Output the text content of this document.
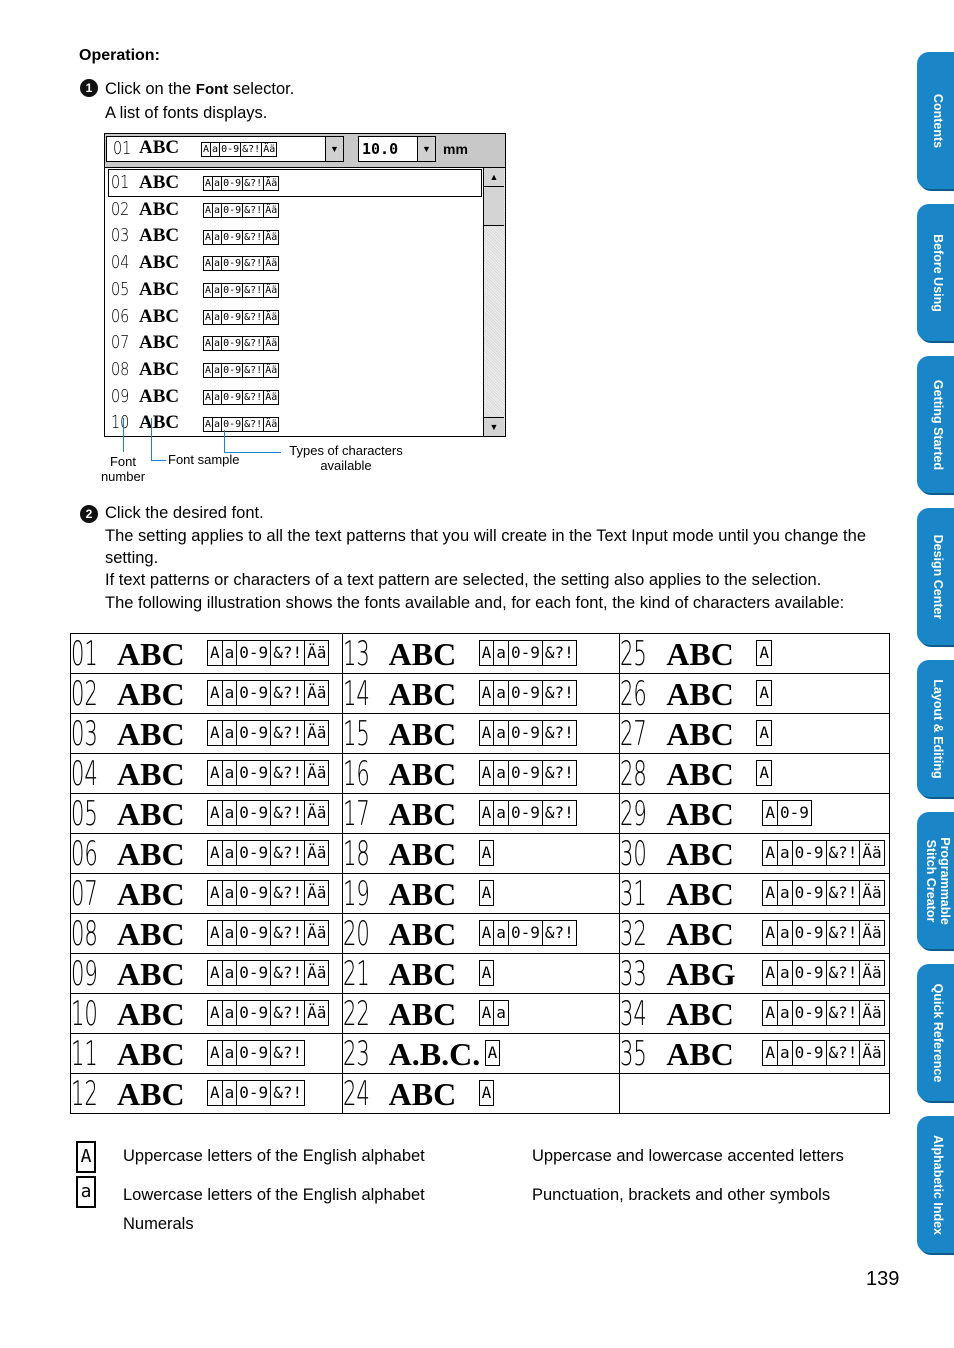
Operation:
1 Click on the Font selector.
A list of fonts displays.
01 ABC A a 0-9 &?! Ää	▼ 10.0	▼ mm
01 ABC	A a 0-9 &?! Ää
02 ABC	A a 0-9 &?! Ää
03 ABC	A a 0-9 &?! Ää
04 ABC	A a 0-9 &?! Ää
05 ABC	A a 0-9 &?! Ää
06 ABC	A a 0-9 &?! Ää
07 ABC	A a 0-9 &?! Ää
08 ABC	A a 0-9 &?! Ää
09 ABC	A a 0-9 &?! Ää
10 ABC	A a 0-9 &?! Ää
▲
▼
Font number
Font sample
Types of characters available
2 Click the desired font.
The setting applies to all the text patterns that you will create in the Text Input mode until you change the setting.
If text patterns or characters of a text pattern are selected, the setting also applies to the selection.
The following illustration shows the fonts available and, for each font, the kind of characters available:
01 ABC A a 0-9 &?! Ää	13 ABC A a 0-9 &?!	25 ABC A

02 ABC A a 0-9 &?! Ää	14 ABC A a 0-9 &?!	26 ABC A

03 ABC A a 0-9 &?! Ää	15 ABC A a 0-9 &?!	27 ABC A

04 ABC A a 0-9 &?! Ää	16 ABC A a 0-9 &?!	28 ABC A

05 ABC A a 0-9 &?! Ää	17 ABC A a 0-9 &?!	29 ABC A 0-9

06 ABC A a 0-9 &?! Ää	18 ABC A	30 ABC A a 0-9 &?! Ää

07 ABC A a 0-9 &?! Ää	19 ABC A	31 ABC A a 0-9 &?! Ää

08 ABC A a 0-9 &?! Ää	20 ABC A a 0-9 &?!	32 ABC A a 0-9 &?! Ää

09 ABC A a 0-9 &?! Ää	21 ABC A	33 ABG A a 0-9 &?! Ää

10 ABC A a 0-9 &?! Ää	22 ABC A a	34 ABC A a 0-9 &?! Ää

11 ABC A a 0-9 &?!	23 A.B.C. A	35 ABC A a 0-9 &?! Ää

12 ABC A a 0-9 &?!	24 ABC A	

A Uppercase letters of the English alphabet
a Lowercase letters of the English alphabet
Numerals
Uppercase and lowercase accented letters
Punctuation, brackets and other symbols
Contents
Before Using
Getting Started
Design Center
Layout & Editing
Programmable Stitch Creator
Quick Reference
Alphabetic Index
139
